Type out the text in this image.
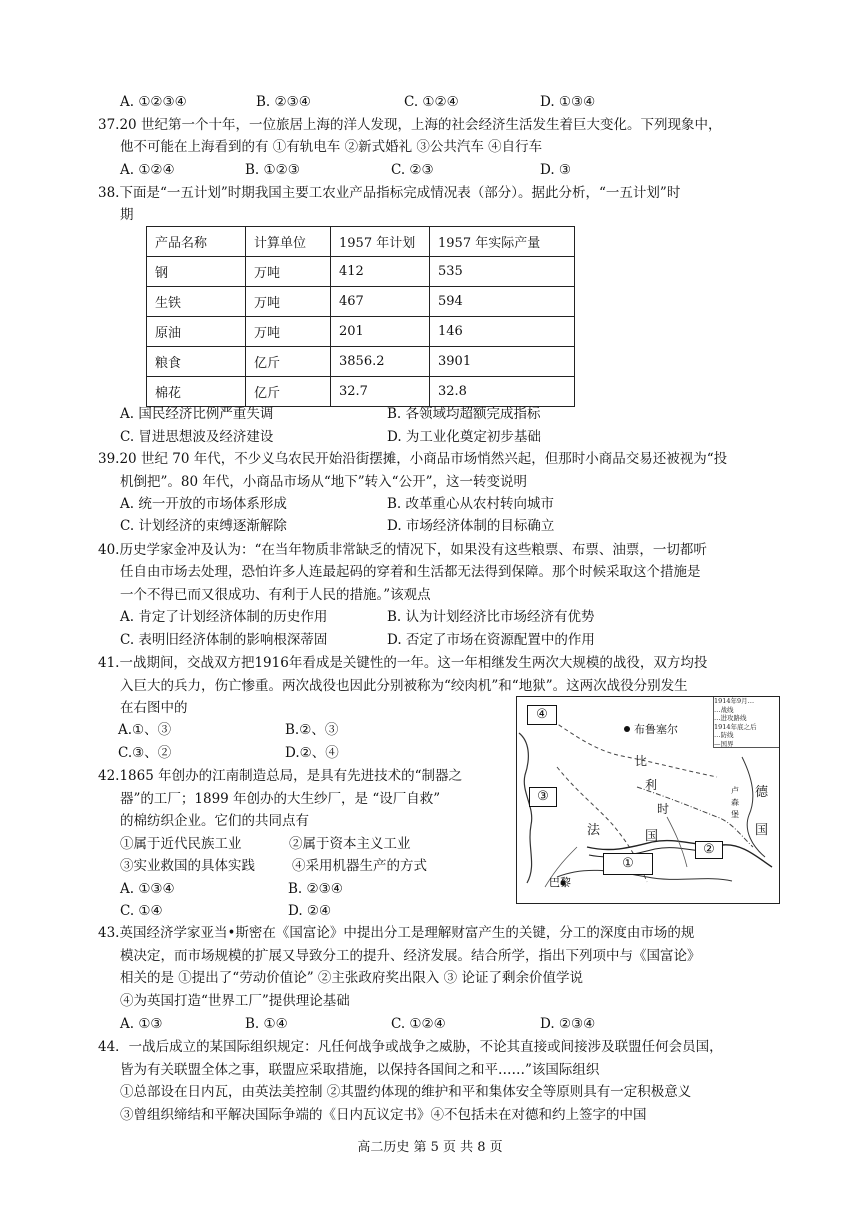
A. ①②③④	B. ②③④	C. ①②④	D. ①③④
37.20 世纪第一个十年，一位旅居上海的洋人发现，上海的社会经济生活发生着巨大变化。下列现象中，
他不可能在上海看到的有 ①有轨电车 ②新式婚礼 ③公共汽车 ④自行车
A. ①②④	B. ①②③	C. ②③	D. ③
38.下面是“一五计划”时期我国主要工农业产品指标完成情况表（部分）。据此分析，“一五计划”时
期
产品名称	计算单位	1957 年计划	1957 年实际产量
钢	万吨	412	535
生铁	万吨	467	594
原油	万吨	201	146
粮食	亿斤	3856.2	3901
棉花	亿斤	32.7	32.8
A. 国民经济比例严重失调	B. 各领域均超额完成指标
C. 冒进思想波及经济建设	D. 为工业化奠定初步基础
39.20 世纪 70 年代，不少义乌农民开始沿街摆摊，小商品市场悄然兴起，但那时小商品交易还被视为“投
机倒把”。80 年代，小商品市场从“地下”转入“公开”，这一转变说明
A. 统一开放的市场体系形成	B. 改革重心从农村转向城市
C. 计划经济的束缚逐渐解除	D. 市场经济体制的目标确立
40.历史学家金冲及认为：“在当年物质非常缺乏的情况下，如果没有这些粮票、布票、油票，一切都听
任自由市场去处理，恐怕许多人连最起码的穿着和生活都无法得到保障。那个时候采取这个措施是
一个不得已而又很成功、有利于人民的措施。”该观点
A. 肯定了计划经济体制的历史作用	B. 认为计划经济比市场经济有优势
C. 表明旧经济体制的影响根深蒂固	D. 否定了市场在资源配置中的作用
41.一战期间，交战双方把1916年看成是关键性的一年。这一年相继发生两次大规模的战役，双方均投
入巨大的兵力，伤亡惨重。两次战役也因此分别被称为“绞肉机”和“地狱”。这两次战役分别发生
在右图中的
A.①、③	B.②、③
C.③、②	D.②、④
42.1865 年创办的江南制造总局，是具有先进技术的“制器之
器”的工厂；1899 年创办的大生纱厂，是 “设厂自救”
的棉纺织企业。它们的共同点有
①属于近代民族工业	②属于资本主义工业
③实业救国的具体实践	④采用机器生产的方式
A. ①③④	B. ②③④
C. ①④	D. ②④
1914年9月…
…战线
…进攻路线
1914年底之后
…防线
—国界
④
③
①
②
布鲁塞尔
比
利
时
法	国
巴黎
德
国
卢
森
堡
43.英国经济学家亚当•斯密在《国富论》中提出分工是理解财富产生的关键，分工的深度由市场的规
模决定，而市场规模的扩展又导致分工的提升、经济发展。结合所学，指出下列项中与《国富论》
相关的是 ①提出了“劳动价值论” ②主张政府奖出限入 ③ 论证了剩余价值学说
④为英国打造“世界工厂”提供理论基础
A. ①③	B. ①④	C. ①②④	D. ②③④
44．一战后成立的某国际组织规定：凡任何战争或战争之威胁，不论其直接或间接涉及联盟任何会员国，
皆为有关联盟全体之事，联盟应采取措施，以保持各国间之和平……”该国际组织
①总部设在日内瓦，由英法美控制 ②其盟约体现的维护和平和集体安全等原则具有一定积极意义
③曾组织缔结和平解决国际争端的《日内瓦议定书》④不包括未在对德和约上签字的中国
高二历史 第 5 页 共 8 页
